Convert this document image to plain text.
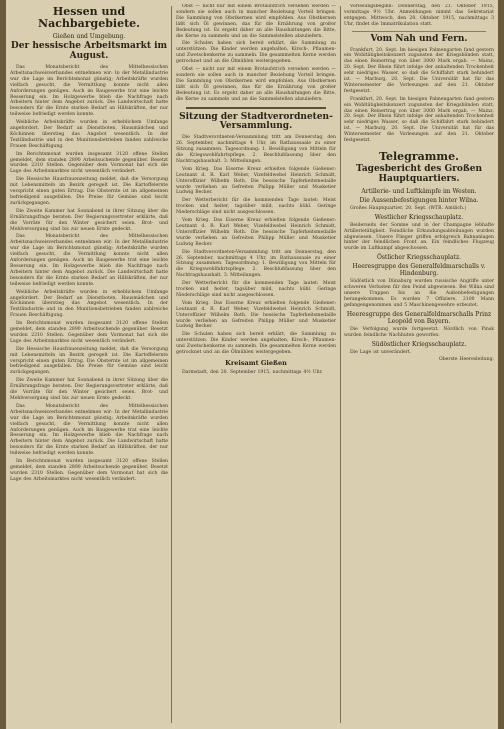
Hessen und Nachbargebiete.
Gießen und Umgebung.
Der hessische Arbeitsmarkt im August.

Das Monatsbericht des Mittelhessischen Arbeitsnachweisverbandes entnehmen wir: In der Metallindustrie war die Lage im Berichtsmonat günstig; Arbeitskräfte wurden vielfach gesucht, die Vermittlung konnte nicht allen Anforderungen genügen. Auch im Baugewerbe trat eine leichte Besserung ein. Im Holzgewerbe blieb die Nachfrage nach Arbeitern hinter dem Angebot zurück. Die Landwirtschaft hatte besonders für die Ernte starken Bedarf an Hilfskräften, der nur teilweise befriedigt werden konnte.

Weibliche Arbeitskräfte wurden in erheblichem Umfange angefordert. Der Bedarf an Dienstboten, Hausmädchen und Köchinnen überstieg das Angebot wesentlich. In der Textilindustrie und in den Munitionsbetrieben fanden zahlreiche Frauen Beschäftigung.

Im Berichtsmonat wurden insgesamt 3120 offene Stellen gemeldet, dem standen 2890 Arbeitsuchende gegenüber. Besetzt wurden 2310 Stellen. Gegenüber dem Vormonat hat sich die Lage des Arbeitsmarktes nicht wesentlich verändert.

Die Hessische Hausfrauenzeitung meldet, daß die Versorgung mit Lebensmitteln im Bezirk geregelt ist. Die Kartoffelernte verspricht einen guten Ertrag. Die Obsternte ist im allgemeinen befriedigend ausgefallen. Die Preise für Gemüse sind leicht zurückgegangen.

Die Zweite Kammer hat Sonnabend in ihrer Sitzung über die Ernährungsfrage beraten. Der Regierungsvertreter erklärte, daß die Vorräte für den Winter gesichert seien. Brot- und Mehlversorgung sind bis zur neuen Ernte gedeckt.

Das Monatsbericht des Mittelhessischen Arbeitsnachweisverbandes entnehmen wir: In der Metallindustrie war die Lage im Berichtsmonat günstig; Arbeitskräfte wurden vielfach gesucht, die Vermittlung konnte nicht allen Anforderungen genügen. Auch im Baugewerbe trat eine leichte Besserung ein. Im Holzgewerbe blieb die Nachfrage nach Arbeitern hinter dem Angebot zurück. Die Landwirtschaft hatte besonders für die Ernte starken Bedarf an Hilfskräften, der nur teilweise befriedigt werden konnte.

Weibliche Arbeitskräfte wurden in erheblichem Umfange angefordert. Der Bedarf an Dienstboten, Hausmädchen und Köchinnen überstieg das Angebot wesentlich. In der Textilindustrie und in den Munitionsbetrieben fanden zahlreiche Frauen Beschäftigung.

Im Berichtsmonat wurden insgesamt 3120 offene Stellen gemeldet, dem standen 2890 Arbeitsuchende gegenüber. Besetzt wurden 2310 Stellen. Gegenüber dem Vormonat hat sich die Lage des Arbeitsmarktes nicht wesentlich verändert.

Die Hessische Hausfrauenzeitung meldet, daß die Versorgung mit Lebensmitteln im Bezirk geregelt ist. Die Kartoffelernte verspricht einen guten Ertrag. Die Obsternte ist im allgemeinen befriedigend ausgefallen. Die Preise für Gemüse sind leicht zurückgegangen.

Die Zweite Kammer hat Sonnabend in ihrer Sitzung über die Ernährungsfrage beraten. Der Regierungsvertreter erklärte, daß die Vorräte für den Winter gesichert seien. Brot- und Mehlversorgung sind bis zur neuen Ernte gedeckt.

Das Monatsbericht des Mittelhessischen Arbeitsnachweisverbandes entnehmen wir: In der Metallindustrie war die Lage im Berichtsmonat günstig; Arbeitskräfte wurden vielfach gesucht, die Vermittlung konnte nicht allen Anforderungen genügen. Auch im Baugewerbe trat eine leichte Besserung ein. Im Holzgewerbe blieb die Nachfrage nach Arbeitern hinter dem Angebot zurück. Die Landwirtschaft hatte besonders für die Ernte starken Bedarf an Hilfskräften, der nur teilweise befriedigt werden konnte.

Im Berichtsmonat wurden insgesamt 3120 offene Stellen gemeldet, dem standen 2890 Arbeitsuchende gegenüber. Besetzt wurden 2310 Stellen. Gegenüber dem Vormonat hat sich die Lage des Arbeitsmarktes nicht wesentlich verändert.

Obst — nicht nur mit einem Brotaufstrich versehen werden — sondern sie sollen auch in mancher Beziehung Vorteil bringen. Die Sammlung von Obstkernen wird empfohlen. Aus Obstkernen läßt sich Öl gewinnen, das für die Ernährung von großer Bedeutung ist. Es ergeht daher an alle Haushaltungen die Bitte, die Kerne zu sammeln und an die Sammelstellen abzuliefern.

Die Schulen haben sich bereit erklärt, die Sammlung zu unterstützen. Die Kinder werden angehalten, Kirsch-, Pflaumen- und Zwetschenkerne zu sammeln. Die gesammelten Kerne werden getrocknet und an die Ölmühlen weitergegeben.

Obst — nicht nur mit einem Brotaufstrich versehen werden — sondern sie sollen auch in mancher Beziehung Vorteil bringen. Die Sammlung von Obstkernen wird empfohlen. Aus Obstkernen läßt sich Öl gewinnen, das für die Ernährung von großer Bedeutung ist. Es ergeht daher an alle Haushaltungen die Bitte, die Kerne zu sammeln und an die Sammelstellen abzuliefern.

Sitzung der Stadtverordneten-Versammlung.

Die Stadtverordneten-Versammlung tritt am Donnerstag, den 26. September, nachmittags 4 Uhr, im Rathaussaale zu einer Sitzung zusammen. Tagesordnung: 1. Bewilligung von Mitteln für die Kriegswohlfahrtspflege. 2. Beschlußfassung über den Nachtragshaushalt. 3. Mitteilungen.

Vom Krieg. Das Eiserne Kreuz erhielten folgende Gießener: Leutnant d. R. Karl Weber, Vizefeldwebel Heinrich Schmidt, Unteroffizier Wilhelm Roth. Die hessische Tapferkeitsmedaille wurde verliehen an Gefreiten Philipp Müller und Musketier Ludwig Becker.

Der Wetterbericht für die kommenden Tage lautet: Meist trocken und heiter, tagsüber mild, nachts kühl. Geringe Niederschläge sind nicht ausgeschlossen.

Vom Krieg. Das Eiserne Kreuz erhielten folgende Gießener: Leutnant d. R. Karl Weber, Vizefeldwebel Heinrich Schmidt, Unteroffizier Wilhelm Roth. Die hessische Tapferkeitsmedaille wurde verliehen an Gefreiten Philipp Müller und Musketier Ludwig Becker.

Die Stadtverordneten-Versammlung tritt am Donnerstag, den 26. September, nachmittags 4 Uhr, im Rathaussaale zu einer Sitzung zusammen. Tagesordnung: 1. Bewilligung von Mitteln für die Kriegswohlfahrtspflege. 2. Beschlußfassung über den Nachtragshaushalt. 3. Mitteilungen.

Der Wetterbericht für die kommenden Tage lautet: Meist trocken und heiter, tagsüber mild, nachts kühl. Geringe Niederschläge sind nicht ausgeschlossen.

Vom Krieg. Das Eiserne Kreuz erhielten folgende Gießener: Leutnant d. R. Karl Weber, Vizefeldwebel Heinrich Schmidt, Unteroffizier Wilhelm Roth. Die hessische Tapferkeitsmedaille wurde verliehen an Gefreiten Philipp Müller und Musketier Ludwig Becker.

Die Schulen haben sich bereit erklärt, die Sammlung zu unterstützen. Die Kinder werden angehalten, Kirsch-, Pflaumen- und Zwetschenkerne zu sammeln. Die gesammelten Kerne werden getrocknet und an die Ölmühlen weitergegeben.

Kreisamt Gießen

Darmstadt, den 20. September 1915, nachmittags 4½ Uhr.

Vorlesungsbeginn: Donnerstag, den 21. Oktober 1915, vormittags 9½ Uhr. Anmeldungen nimmt das Sekretariat entgegen. Mittwoch, den 20. Oktober 1915, nachmittags 3 Uhr, findet die Immatrikulation statt.

Vom Nah und Fern.

Frankfurt, 20. Sept. Im hiesigen Palmengarten fand gestern ein Wohltätigkeitskonzert zugunsten der Kriegsblinden statt, das einen Reinertrag von über 3000 Mark ergab. — Mainz, 20. Sept. Der Rhein führt infolge der anhaltenden Trockenheit sehr niedriges Wasser, so daß die Schiffahrt stark behindert ist. — Marburg, 20. Sept. Die Universität hat für das Wintersemester die Vorlesungen auf den 21. Oktober festgesetzt.

Frankfurt, 20. Sept. Im hiesigen Palmengarten fand gestern ein Wohltätigkeitskonzert zugunsten der Kriegsblinden statt, das einen Reinertrag von über 3000 Mark ergab. — Mainz, 20. Sept. Der Rhein führt infolge der anhaltenden Trockenheit sehr niedriges Wasser, so daß die Schiffahrt stark behindert ist. — Marburg, 20. Sept. Die Universität hat für das Wintersemester die Vorlesungen auf den 21. Oktober festgesetzt.

Telegramme.
Tagesbericht des Großen Hauptquartiers.
Artillerie- und Luftkämpfe im Westen.
Die Aussenbefestigungen hinter Wilna.

Großes Hauptquartier, 20. Sept. (WTB. Amtlich.)

Westlicher Kriegsschauplatz.

Beiderseits der Somme und in der Champagne lebhafte Artillerietätigkeit. Feindliche Erkundungsabteilungen wurden abgewiesen. Unsere Flieger griffen erfolgreich Bahnanlagen hinter der feindlichen Front an. Ein feindliches Flugzeug wurde im Luftkampf abgeschossen.

Östlicher Kriegsschauplatz.
Heeresgruppe des Generalfeldmarschalls v. Hindenburg.

Südöstlich von Dünaburg wurden russische Angriffe unter schweren Verlusten für den Feind abgewiesen. Bei Wilna sind unsere Truppen bis an die Außenbefestigungen herangekommen. Es wurden 7 Offiziere, 2100 Mann gefangengenommen und 5 Maschinengewehre erbeutet.

Heeresgruppe des Generalfeldmarschalls Prinz Leopold von Bayern.

Die Verfolgung wurde fortgesetzt. Nördlich von Pinsk wurden feindliche Nachhuten geworfen.

Südöstlicher Kriegsschauplatz.

Die Lage ist unverändert.

Oberste Heeresleitung.
